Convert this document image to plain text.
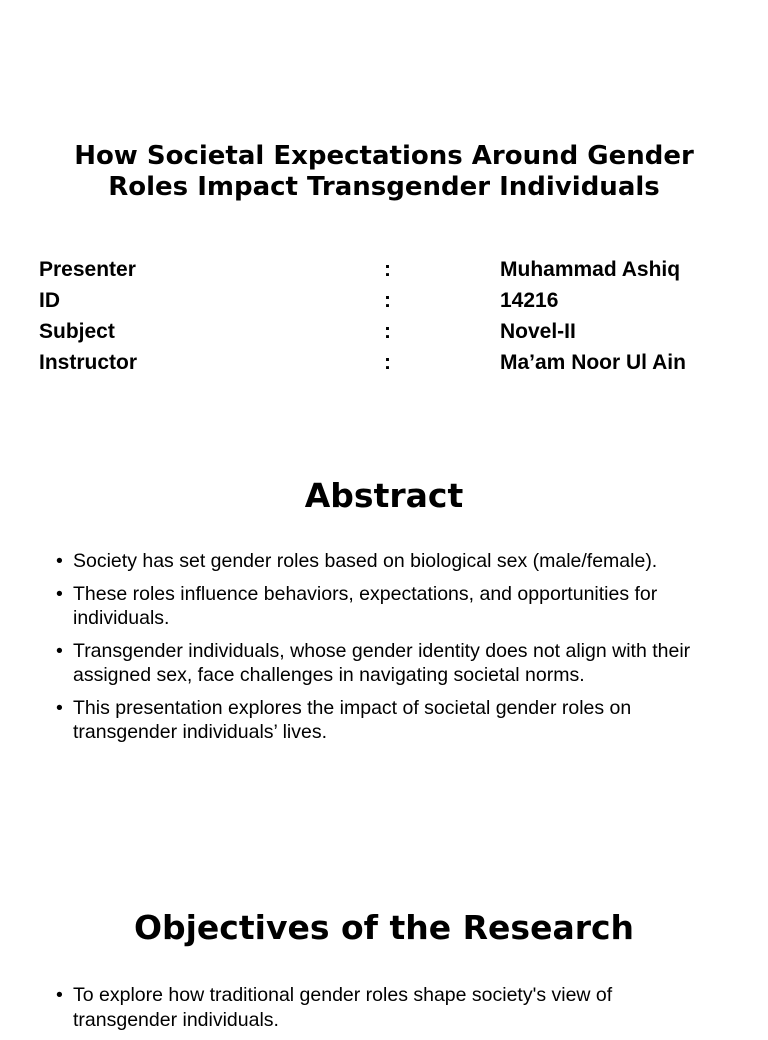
How Societal Expectations Around Gender Roles Impact Transgender Individuals
Presenter	:	Muhammad Ashiq
ID	:	14216
Subject	:	Novel-II
Instructor	:	Ma’am Noor Ul Ain
Abstract
• Society has set gender roles based on biological sex (male/female).
• These roles influence behaviors, expectations, and opportunities for individuals.
• Transgender individuals, whose gender identity does not align with their assigned sex, face challenges in navigating societal norms.
• This presentation explores the impact of societal gender roles on transgender individuals’ lives.
Objectives of the Research
• To explore how traditional gender roles shape society's view of transgender individuals.
